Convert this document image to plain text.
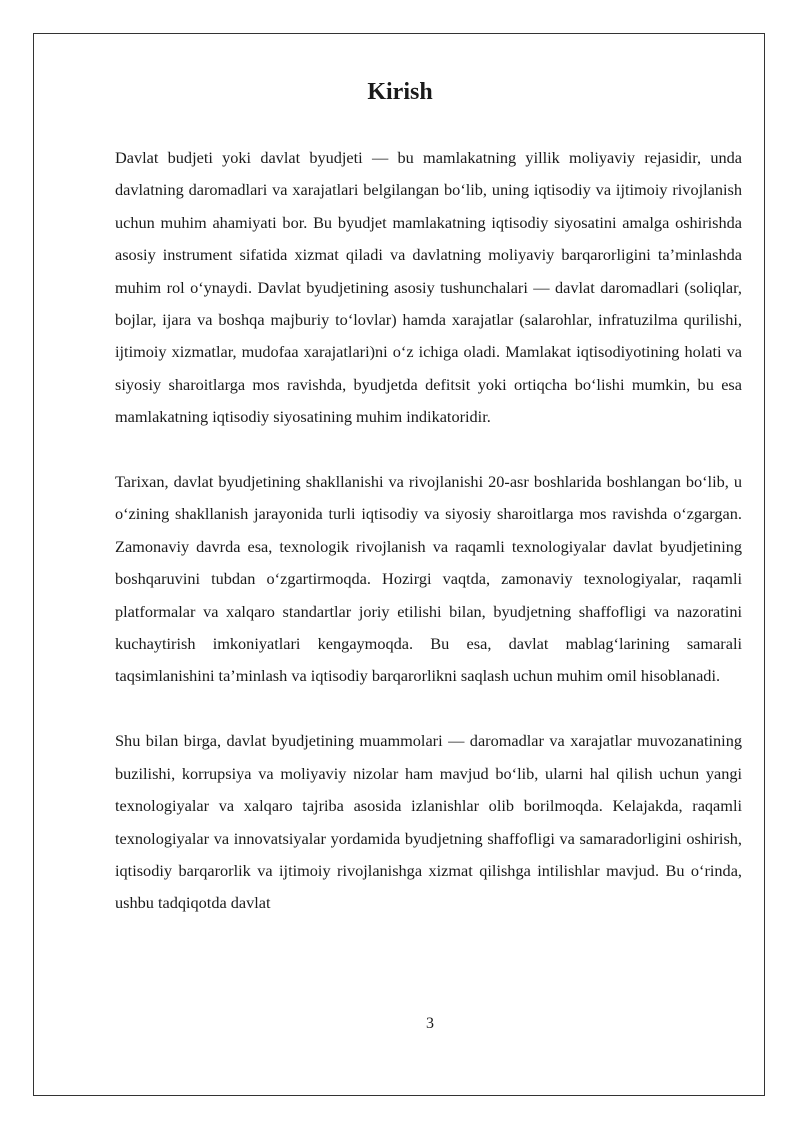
Kirish

Davlat budjeti yoki davlat byudjeti — bu mamlakatning yillik moliyaviy rejasidir, unda davlatning daromadlari va xarajatlari belgilangan boʻlib, uning iqtisodiy va ijtimoiy rivojlanish uchun muhim ahamiyati bor. Bu byudjet mamlakatning iqtisodiy siyosatini amalga oshirishda asosiy instrument sifatida xizmat qiladi va davlatning moliyaviy barqarorligini taʼminlashda muhim rol oʻynaydi. Davlat byudjetining asosiy tushunchalari — davlat daromadlari (soliqlar, bojlar, ijara va boshqa majburiy toʻlovlar) hamda xarajatlar (salarohlar, infratuzilma qurilishi, ijtimoiy xizmatlar, mudofaa xarajatlari)ni oʻz ichiga oladi. Mamlakat iqtisodiyotining holati va siyosiy sharoitlarga mos ravishda, byudjetda defitsit yoki ortiqcha boʻlishi mumkin, bu esa mamlakatning iqtisodiy siyosatining muhim indikatoridir.

Tarixan, davlat byudjetining shakllanishi va rivojlanishi 20-asr boshlarida boshlangan boʻlib, u oʻzining shakllanish jarayonida turli iqtisodiy va siyosiy sharoitlarga mos ravishda oʻzgargan. Zamonaviy davrda esa, texnologik rivojlanish va raqamli texnologiyalar davlat byudjetining boshqaruvini tubdan oʻzgartirmoqda. Hozirgi vaqtda, zamonaviy texnologiyalar, raqamli platformalar va xalqaro standartlar joriy etilishi bilan, byudjetning shaffofligi va nazoratini kuchaytirish imkoniyatlari kengaymoqda. Bu esa, davlat mablagʻlarining samarali taqsimlanishini taʼminlash va iqtisodiy barqarorlikni saqlash uchun muhim omil hisoblanadi.

Shu bilan birga, davlat byudjetining muammolari — daromadlar va xarajatlar muvozanatining buzilishi, korrupsiya va moliyaviy nizolar ham mavjud boʻlib, ularni hal qilish uchun yangi texnologiyalar va xalqaro tajriba asosida izlanishlar olib borilmoqda. Kelajakda, raqamli texnologiyalar va innovatsiyalar yordamida byudjetning shaffofligi va samaradorligini oshirish, iqtisodiy barqarorlik va ijtimoiy rivojlanishga xizmat qilishga intilishlar mavjud. Bu oʻrinda, ushbu tadqiqotda davlat

3
